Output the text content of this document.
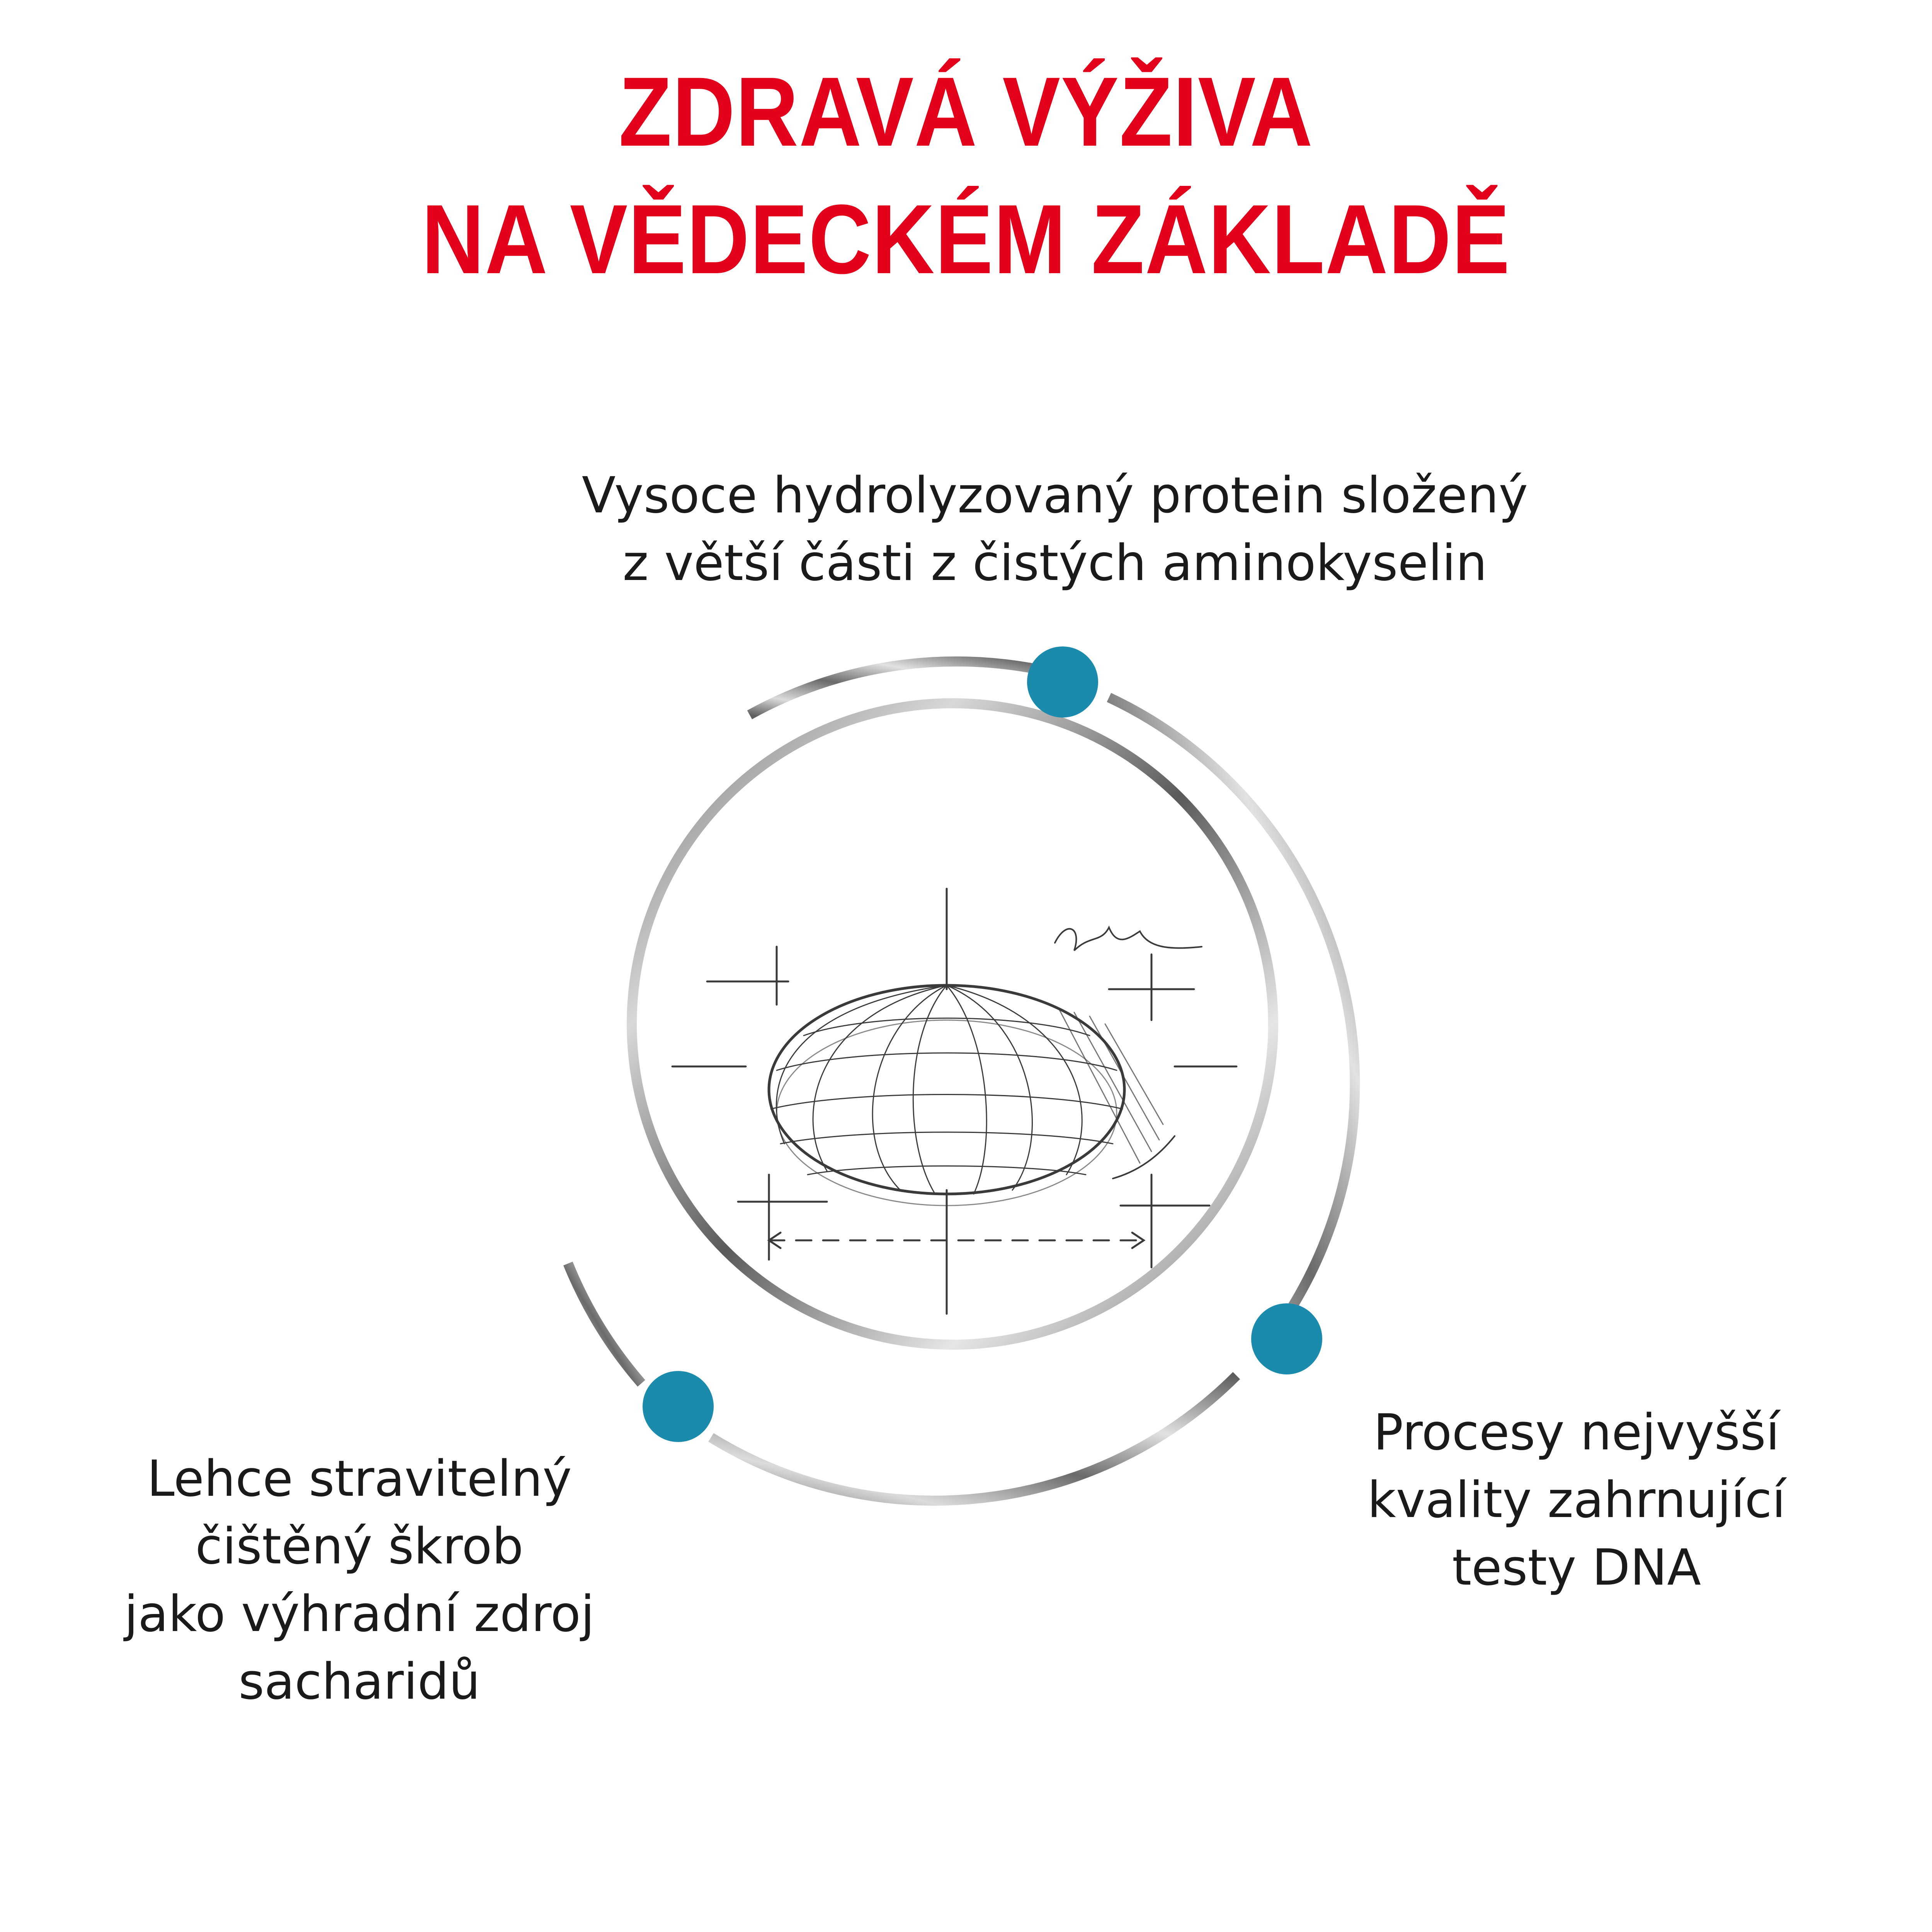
ZDRAVÁ VÝŽIVA
NA VĚDECKÉM ZÁKLADĚ
Vysoce hydrolyzovaný protein složený
z větší části z čistých aminokyselin
Lehce stravitelný
čištěný škrob
jako výhradní zdroj
sacharidů
Procesy nejvyšší
kvality zahrnující
testy DNA
